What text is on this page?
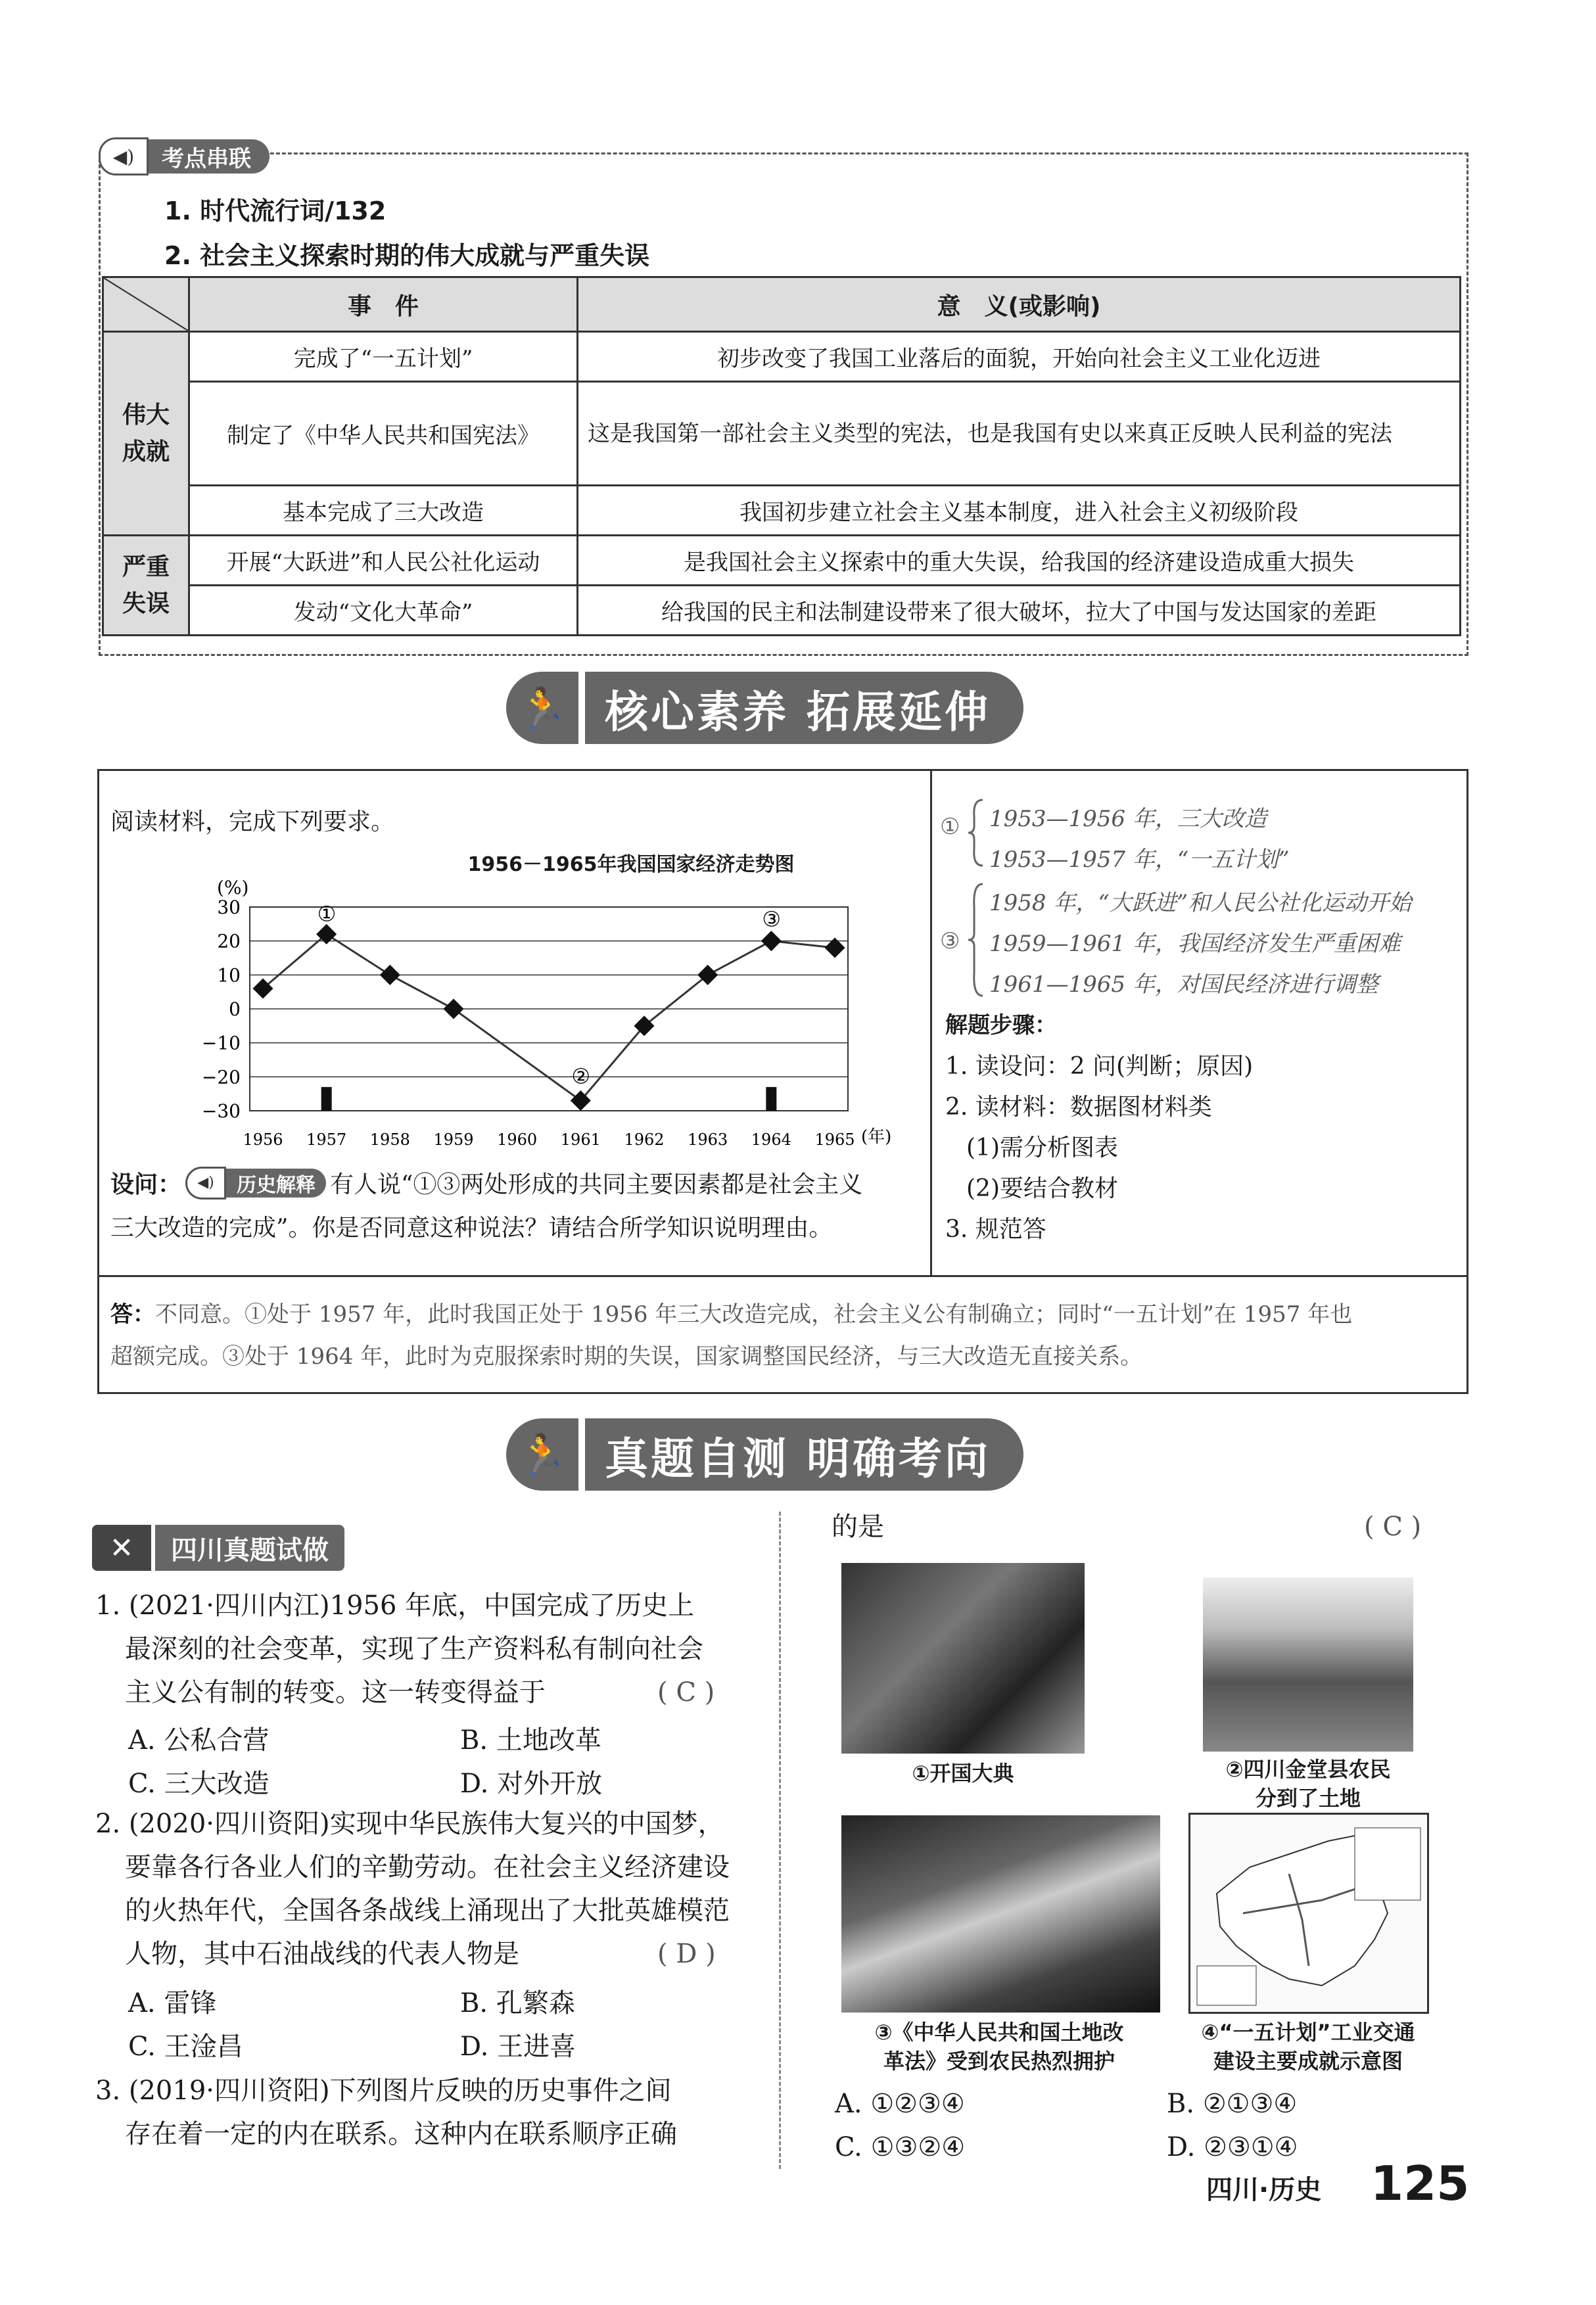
◀)	考点串联
1. 时代流行词/132
2. 社会主义探索时期的伟大成就与严重失误
	事　件	意　义(或影响)
伟大成就	完成了“一五计划”	初步改变了我国工业落后的面貌，开始向社会主义工业化迈进
	制定了《中华人民共和国宪法》	这是我国第一部社会主义类型的宪法，也是我国有史以来真正反映人民利益的宪法
	基本完成了三大改造	我国初步建立社会主义基本制度，进入社会主义初级阶段
严重失误	开展“大跃进”和人民公社化运动	是我国社会主义探索中的重大失误，给我国的经济建设造成重大损失
	发动“文化大革命”	给我国的民主和法制建设带来了很大破坏，拉大了中国与发达国家的差距
🏃 核心素养 拓展延伸
阅读材料，完成下列要求。
1956－1965年我国国家经济走势图
(%)
30
20
10
0
−10
−20
−30
1956 1957 1958 1959 1960 1961 1962 1963 1964 1965
①
②
③
(年)
设问：	◀)	历史解释 有人说“①③两处形成的共同主要因素都是社会主义
三大改造的完成”。你是否同意这种说法？请结合所学知识说明理由。
① 1953—1956 年，三大改造
1953—1957 年，“一五计划”
③
1958 年，“大跃进”和人民公社化运动开始
1959—1961 年，我国经济发生严重困难
1961—1965 年，对国民经济进行调整
解题步骤：
1. 读设问：2 问(判断；原因)
2. 读材料：数据图材料类
(1)需分析图表
(2)要结合教材
3. 规范答
答：不同意。①处于 1957 年，此时我国正处于 1956 年三大改造完成，社会主义公有制确立；同时“一五计划”在 1957 年也
超额完成。③处于 1964 年，此时为克服探索时期的失误，国家调整国民经济，与三大改造无直接关系。
🏃 真题自测 明确考向
✕	四川真题试做
1. (2021·四川内江)1956 年底，中国完成了历史上
最深刻的社会变革，实现了生产资料私有制向社会
主义公有制的转变。这一转变得益于	( C )
A. 公私合营	B. 土地改革
C. 三大改造	D. 对外开放
2. (2020·四川资阳)实现中华民族伟大复兴的中国梦，
要靠各行各业人们的辛勤劳动。在社会主义经济建设
的火热年代，全国各条战线上涌现出了大批英雄模范
人物，其中石油战线的代表人物是	( D )
A. 雷锋	B. 孔繁森
C. 王淦昌	D. 王进喜
3. (2019·四川资阳)下列图片反映的历史事件之间
存在着一定的内在联系。这种内在联系顺序正确
的是	( C )
①开国大典	②四川金堂县农民
分到了土地
③《中华人民共和国土地改
革法》受到农民热烈拥护
④“一五计划”工业交通
建设主要成就示意图
A. ①②③④	B. ②①③④
C. ①③②④	D. ②③①④
四川·历史 125
